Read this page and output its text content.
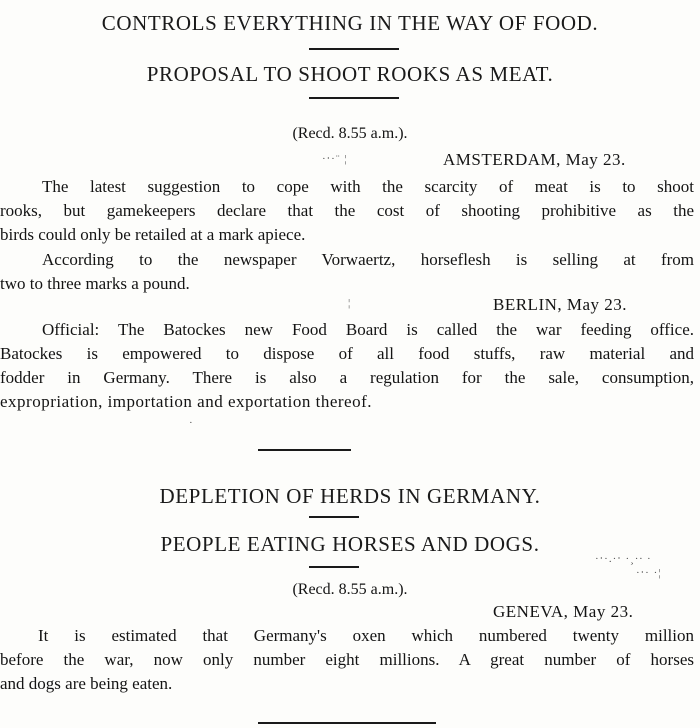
CONTROLS EVERYTHING IN THE WAY OF FOOD.
PROPOSAL TO SHOOT ROOKS AS MEAT.
(Recd. 8.55 a.m.).
·‧·¨ ¦	AMSTERDAM, May 23.
The latest suggestion to cope with the scarcity of meat is to shoot
rooks, but gamekeepers declare that the cost of shooting prohibitive as the
birds could only be retailed at a mark apiece.
According to the newspaper Vorwaertz, horseflesh is selling at from
two to three marks a pound.
¦	BERLIN, May 23.
Official: The Batockes new Food Board is called the war feeding office.
Batockes is empowered to dispose of all food stuffs, raw material and
fodder in Germany. There is also a regulation for the sale, consumption,
expropriation, importation and exportation thereof.
·
DEPLETION OF HERDS IN GERMANY.
PEOPLE EATING HORSES AND DOGS.
·‧·.·‧ ·¸·∙ ·
·‧· ·¦
(Recd. 8.55 a.m.).
GENEVA, May 23.
It is estimated that Germany's oxen which numbered twenty million
before the war, now only number eight millions. A great number of horses
and dogs are being eaten.
